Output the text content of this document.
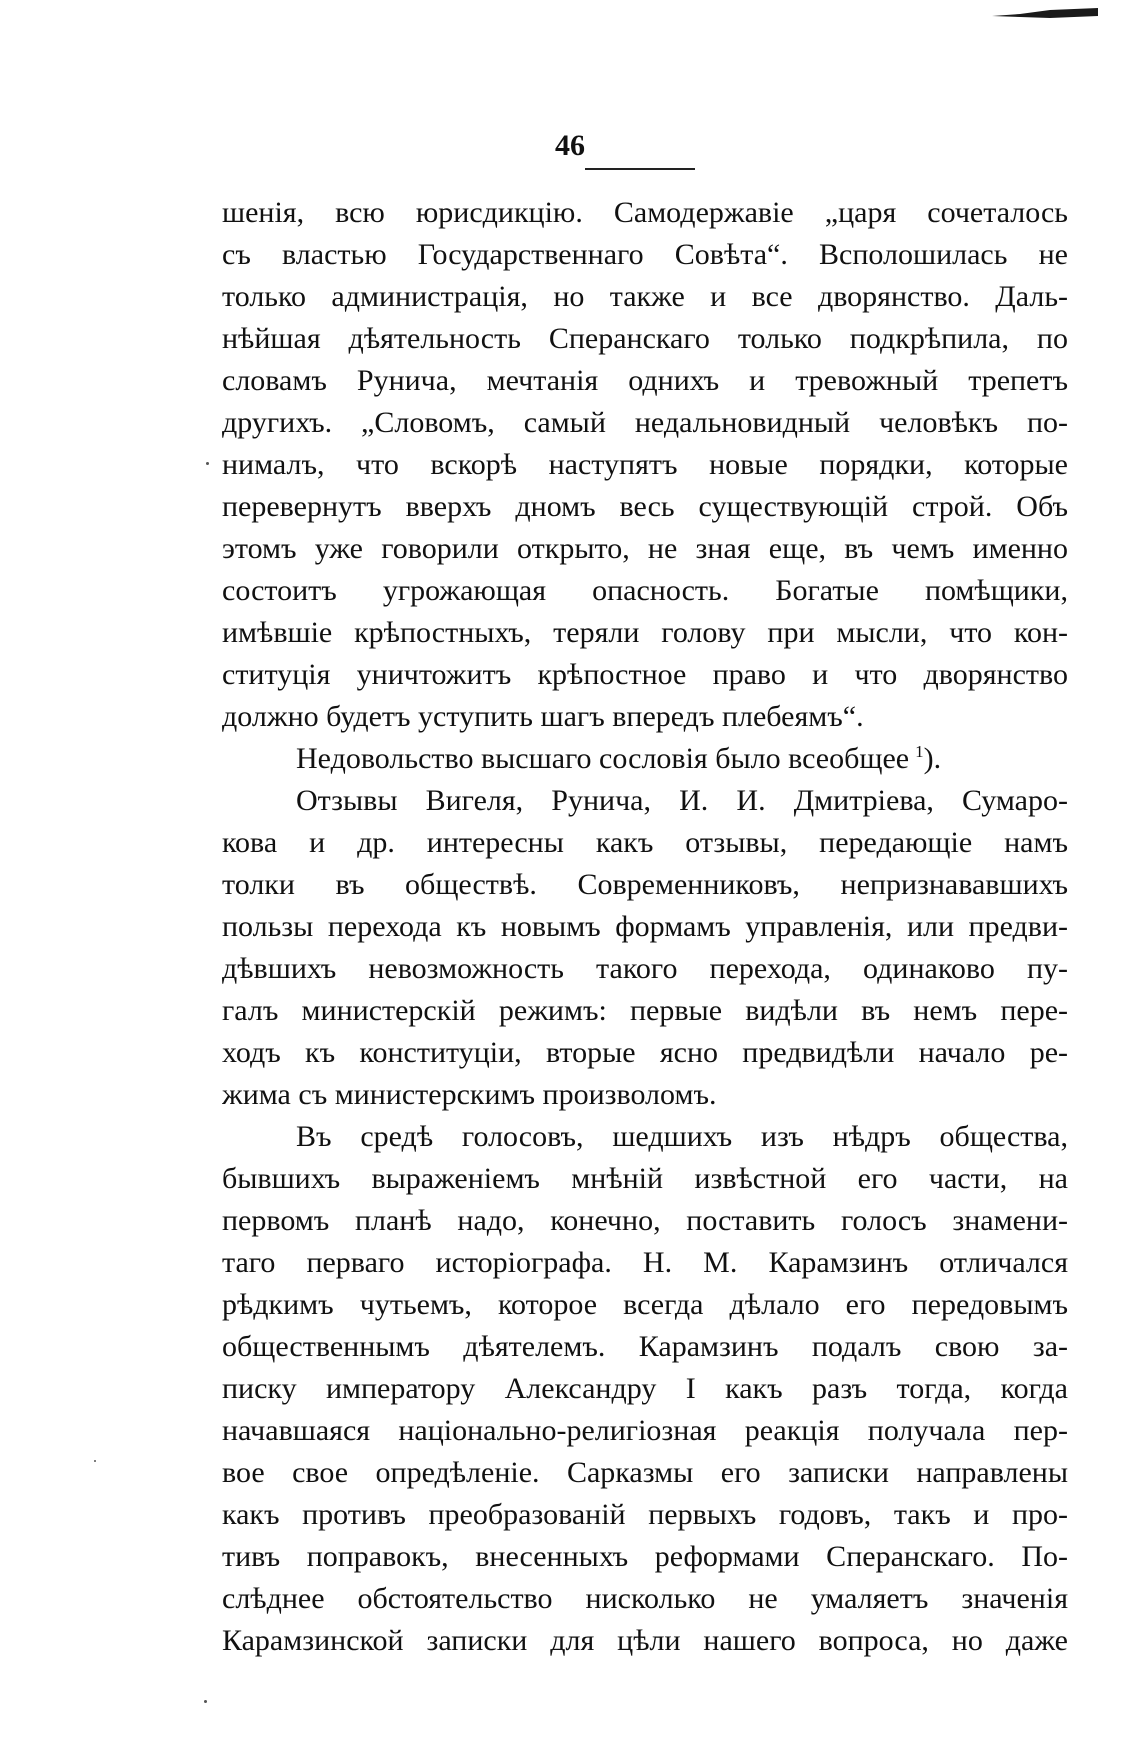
46
шенія, всю юрисдикцію. Самодержавіе „царя сочеталось
съ властью Государственнаго Совѣта“. Всполошилась не
только администрація, но также и все дворянство. Даль-
нѣйшая дѣятельность Сперанскаго только подкрѣпила, по
словамъ Рунича, мечтанія однихъ и тревожный трепетъ
другихъ. „Словомъ, самый недальновидный человѣкъ по-
нималъ, что вскорѣ наступятъ новые порядки, которые
перевернутъ вверхъ дномъ весь существующій строй. Объ
этомъ уже говорили открыто, не зная еще, въ чемъ именно
состоитъ угрожающая опасность. Богатые помѣщики,
имѣвшіе крѣпостныхъ, теряли голову при мысли, что кон-
ституція уничтожитъ крѣпостное право и что дворянство
должно будетъ уступить шагъ впередъ плебеямъ“.
Недовольство высшаго сословія было всеобщее  $^1$).
Отзывы Вигеля, Рунича, И. И. Дмитріева, Сумаро-
кова и др. интересны какъ отзывы, передающіе намъ
толки въ обществѣ. Современниковъ, непризнававшихъ
пользы перехода къ новымъ формамъ управленія, или предви-
дѣвшихъ невозможность такого перехода, одинаково пу-
галъ министерскій режимъ: первые видѣли въ немъ пере-
ходъ къ конституціи, вторые ясно предвидѣли начало ре-
жима съ министерскимъ произволомъ.
Въ средѣ голосовъ, шедшихъ изъ нѣдръ общества,
бывшихъ выраженіемъ мнѣній извѣстной его части, на
первомъ планѣ надо, конечно, поставить голосъ знамени-
таго перваго исторіографа. Н. М. Карамзинъ отличался
рѣдкимъ чутьемъ, которое всегда дѣлало его передовымъ
общественнымъ дѣятелемъ. Карамзинъ подалъ свою за-
писку императору Александру I какъ разъ тогда, когда
начавшаяся національно-религіозная реакція получала пер-
вое свое опредѣленіе. Сарказмы его записки направлены
какъ противъ преобразованій первыхъ годовъ, такъ и про-
тивъ поправокъ, внесенныхъ реформами Сперанскаго. По-
слѣднее обстоятельство нисколько не умаляетъ значенія
Карамзинской записки для цѣли нашего вопроса, но даже
